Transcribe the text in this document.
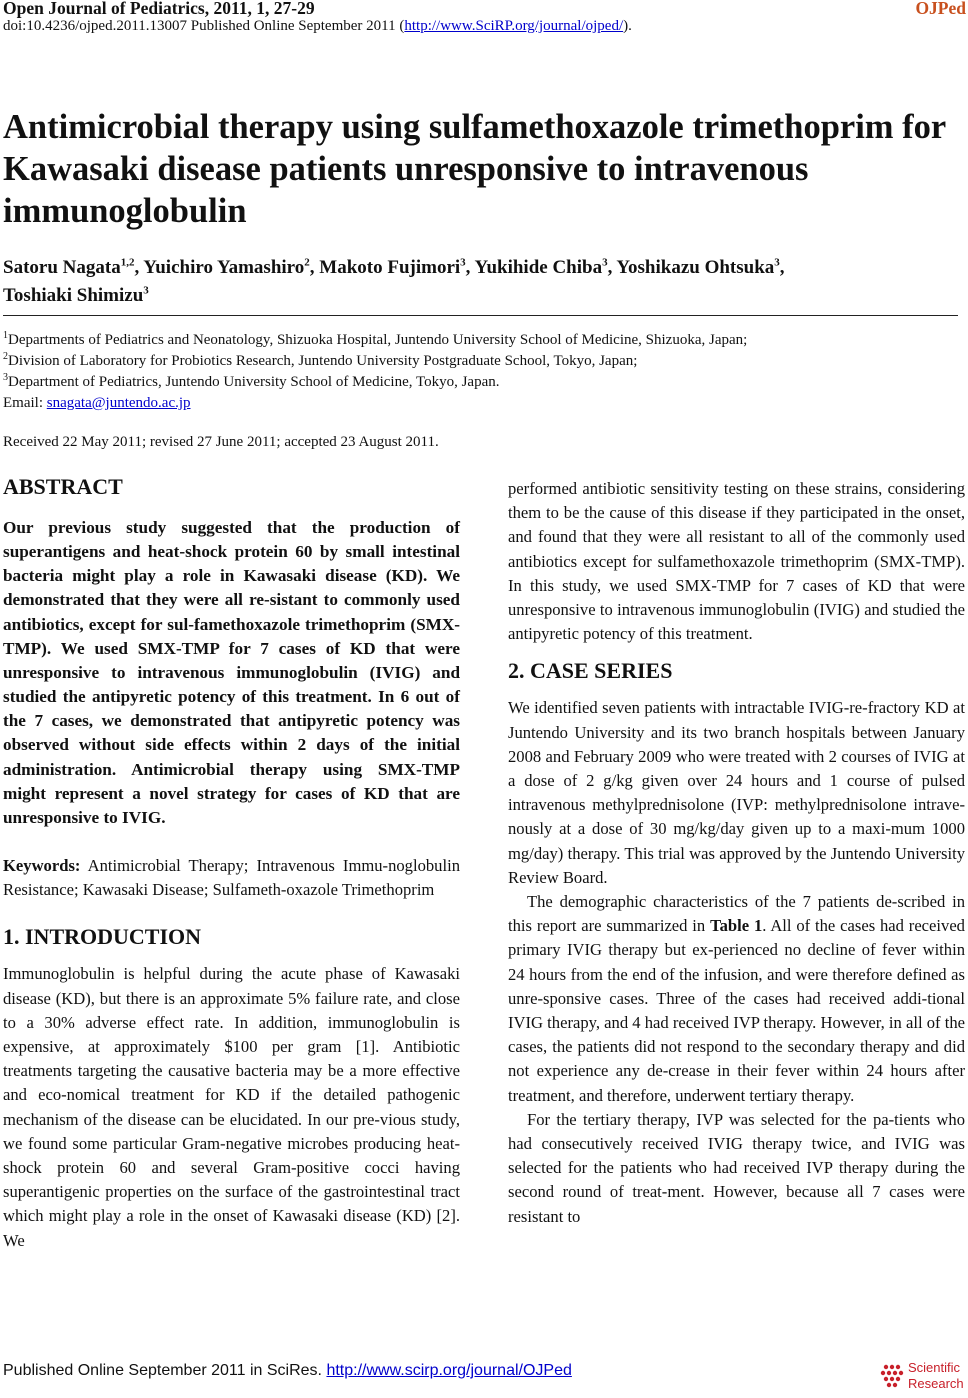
Open Journal of Pediatrics, 2011, 1, 27-29	OJPed
doi:10.4236/ojped.2011.13007 Published Online September 2011 (http://www.SciRP.org/journal/ojped/).
Antimicrobial therapy using sulfamethoxazole trimethoprim for Kawasaki disease patients unresponsive to intravenous immunoglobulin
Satoru Nagata$^{1,2}$, Yuichiro Yamashiro$^2$, Makoto Fujimori$^3$, Yukihide Chiba$^3$, Yoshikazu Ohtsuka$^3$,
Toshiaki Shimizu$^3$
$^1$Departments of Pediatrics and Neonatology, Shizuoka Hospital, Juntendo University School of Medicine, Shizuoka, Japan;
$^2$Division of Laboratory for Probiotics Research, Juntendo University Postgraduate School, Tokyo, Japan;
$^3$Department of Pediatrics, Juntendo University School of Medicine, Tokyo, Japan.
Email: snagata@juntendo.ac.jp
Received 22 May 2011; revised 27 June 2011; accepted 23 August 2011.
ABSTRACT

Our previous study suggested that the production of superantigens and heat-shock protein 60 by small intestinal bacteria might play a role in Kawasaki disease (KD). We demonstrated that they were all re-sistant to commonly used antibiotics, except for sul-famethoxazole trimethoprim (SMX-TMP). We used SMX-TMP for 7 cases of KD that were unresponsive to intravenous immunoglobulin (IVIG) and studied the antipyretic potency of this treatment. In 6 out of the 7 cases, we demonstrated that antipyretic potency was observed without side effects within 2 days of the initial administration. Antimicrobial therapy using SMX-TMP might represent a novel strategy for cases of KD that are unresponsive to IVIG.

Keywords: Antimicrobial Therapy; Intravenous Immu-noglobulin Resistance; Kawasaki Disease; Sulfameth-oxazole Trimethoprim

1. INTRODUCTION

Immunoglobulin is helpful during the acute phase of Kawasaki disease (KD), but there is an approximate 5% failure rate, and close to a 30% adverse effect rate. In addition, immunoglobulin is expensive, at approximately $100 per gram [1]. Antibiotic treatments targeting the causative bacteria may be a more effective and eco-nomical treatment for KD if the detailed pathogenic mechanism of the disease can be elucidated. In our pre-vious study, we found some particular Gram-negative microbes producing heat-shock protein 60 and several Gram-positive cocci having superantigenic properties on the surface of the gastrointestinal tract which might play a role in the onset of Kawasaki disease (KD) [2]. We

performed antibiotic sensitivity testing on these strains, considering them to be the cause of this disease if they participated in the onset, and found that they were all resistant to all of the commonly used antibiotics except for sulfamethoxazole trimethoprim (SMX-TMP). In this study, we used SMX-TMP for 7 cases of KD that were unresponsive to intravenous immunoglobulin (IVIG) and studied the antipyretic potency of this treatment.

2. CASE SERIES

We identified seven patients with intractable IVIG-re-fractory KD at Juntendo University and its two branch hospitals between January 2008 and February 2009 who were treated with 2 courses of IVIG at a dose of 2 g/kg given over 24 hours and 1 course of pulsed intravenous methylprednisolone (IVP: methylprednisolone intrave-nously at a dose of 30 mg/kg/day given up to a maxi-mum 1000 mg/day) therapy. This trial was approved by the Juntendo University Review Board.

The demographic characteristics of the 7 patients de-scribed in this report are summarized in Table 1. All of the cases had received primary IVIG therapy but ex-perienced no decline of fever within 24 hours from the end of the infusion, and were therefore defined as unre-sponsive cases. Three of the cases had received addi-tional IVIG therapy, and 4 had received IVP therapy. However, in all of the cases, the patients did not respond to the secondary therapy and did not experience any de-crease in their fever within 24 hours after treatment, and therefore, underwent tertiary therapy.

For the tertiary therapy, IVP was selected for the pa-tients who had consecutively received IVIG therapy twice, and IVIG was selected for the patients who had received IVP therapy during the second round of treat-ment. However, because all 7 cases were resistant to

Published Online September 2011 in SciRes. http://www.scirp.org/journal/OJPed	Scientific
Research
